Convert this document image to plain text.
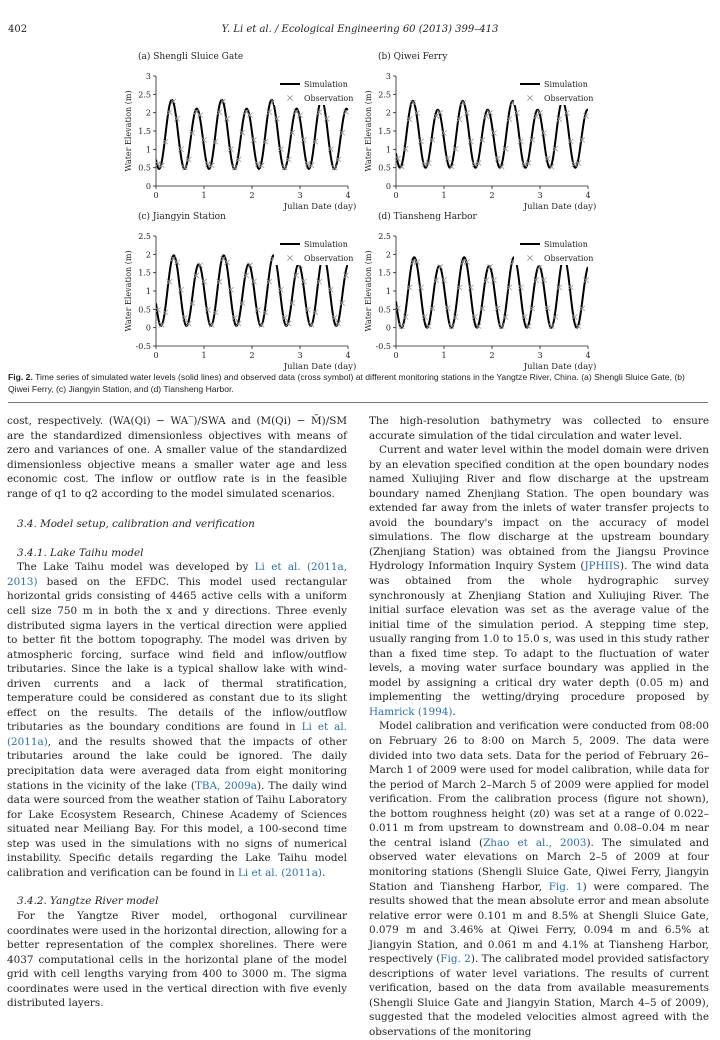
402	Y. Li et al. / Ecological Engineering 60 (2013) 399–413
(a) Shengli Sluice Gate
0
0.5
1
1.5
2
2.5
3
0	1	2	3	4
Julian Date (day)
Water Elevation (m)
Simulation
Observation
(b) Qiwei Ferry
0
0.5
1
1.5
2
2.5
3
0	1	2	3	4
Julian Date (day)
Water Elevation (m)
Simulation
Observation
(c) Jiangyin Station
-0.5
0
0.5
1
1.5
2
2.5
0	1	2	3	4
Julian Date (day)
Water Elevation (m)
Simulation
Observation
(d) Tiansheng Harbor
-0.5
0
0.5
1
1.5
2
2.5
0	1	2	3	4
Julian Date (day)
Water Elevation (m)
Simulation
Observation
Fig. 2. Time series of simulated water levels (solid lines) and observed data (cross symbol) at different monitoring stations in the Yangtze River, China. (a) Shengli Sluice Gate, (b) Qiwei Ferry, (c) Jiangyin Station, and (d) Tiansheng Harbor.

cost, respectively. (WA(Qi) − WA‾)/SWA and (M(Qi) − M̄)/SM are the standardized dimensionless objectives with means of zero and variances of one. A smaller value of the standardized dimensionless objective means a smaller water age and less economic cost. The inflow or outflow rate is in the feasible range of q1 to q2 according to the model simulated scenarios.

3.4. Model setup, calibration and verification

3.4.1. Lake Taihu model

The Lake Taihu model was developed by Li et al. (2011a, 2013) based on the EFDC. This model used rectangular horizontal grids consisting of 4465 active cells with a uniform cell size 750 m in both the x and y directions. Three evenly distributed sigma layers in the vertical direction were applied to better fit the bottom topography. The model was driven by atmospheric forcing, surface wind field and inflow/outflow tributaries. Since the lake is a typical shallow lake with wind-driven currents and a lack of thermal stratification, temperature could be considered as constant due to its slight effect on the results. The details of the inflow/outflow tributaries as the boundary conditions are found in Li et al. (2011a), and the results showed that the impacts of other tributaries around the lake could be ignored. The daily precipitation data were averaged data from eight monitoring stations in the vicinity of the lake (TBA, 2009a). The daily wind data were sourced from the weather station of Taihu Laboratory for Lake Ecosystem Research, Chinese Academy of Sciences situated near Meiliang Bay. For this model, a 100-second time step was used in the simulations with no signs of numerical instability. Specific details regarding the Lake Taihu model calibration and verification can be found in Li et al. (2011a).

3.4.2. Yangtze River model

For the Yangtze River model, orthogonal curvilinear coordinates were used in the horizontal direction, allowing for a better representation of the complex shorelines. There were 4037 computational cells in the horizontal plane of the model grid with cell lengths varying from 400 to 3000 m. The sigma coordinates were used in the vertical direction with five evenly distributed layers.

The high-resolution bathymetry was collected to ensure accurate simulation of the tidal circulation and water level.

Current and water level within the model domain were driven by an elevation specified condition at the open boundary nodes named Xuliujing River and flow discharge at the upstream boundary named Zhenjiang Station. The open boundary was extended far away from the inlets of water transfer projects to avoid the boundary's impact on the accuracy of model simulations. The flow discharge at the upstream boundary (Zhenjiang Station) was obtained from the Jiangsu Province Hydrology Information Inquiry System (JPHIIS). The wind data was obtained from the whole hydrographic survey synchronously at Zhenjiang Station and Xuliujing River. The initial surface elevation was set as the average value of the initial time of the simulation period. A stepping time step, usually ranging from 1.0 to 15.0 s, was used in this study rather than a fixed time step. To adapt to the fluctuation of water levels, a moving water surface boundary was applied in the model by assigning a critical dry water depth (0.05 m) and implementing the wetting/drying procedure proposed by Hamrick (1994).

Model calibration and verification were conducted from 08:00 on February 26 to 8:00 on March 5, 2009. The data were divided into two data sets. Data for the period of February 26–March 1 of 2009 were used for model calibration, while data for the period of March 2–March 5 of 2009 were applied for model verification. From the calibration process (figure not shown), the bottom roughness height (z0) was set at a range of 0.022–0.011 m from upstream to downstream and 0.08–0.04 m near the central island (Zhao et al., 2003). The simulated and observed water elevations on March 2–5 of 2009 at four monitoring stations (Shengli Sluice Gate, Qiwei Ferry, Jiangyin Station and Tiansheng Harbor, Fig. 1) were compared. The results showed that the mean absolute error and mean absolute relative error were 0.101 m and 8.5% at Shengli Sluice Gate, 0.079 m and 3.46% at Qiwei Ferry, 0.094 m and 6.5% at Jiangyin Station, and 0.061 m and 4.1% at Tiansheng Harbor, respectively (Fig. 2). The calibrated model provided satisfactory descriptions of water level variations. The results of current verification, based on the data from available measurements (Shengli Sluice Gate and Jiangyin Station, March 4–5 of 2009), suggested that the modeled velocities almost agreed with the observations of the monitoring
